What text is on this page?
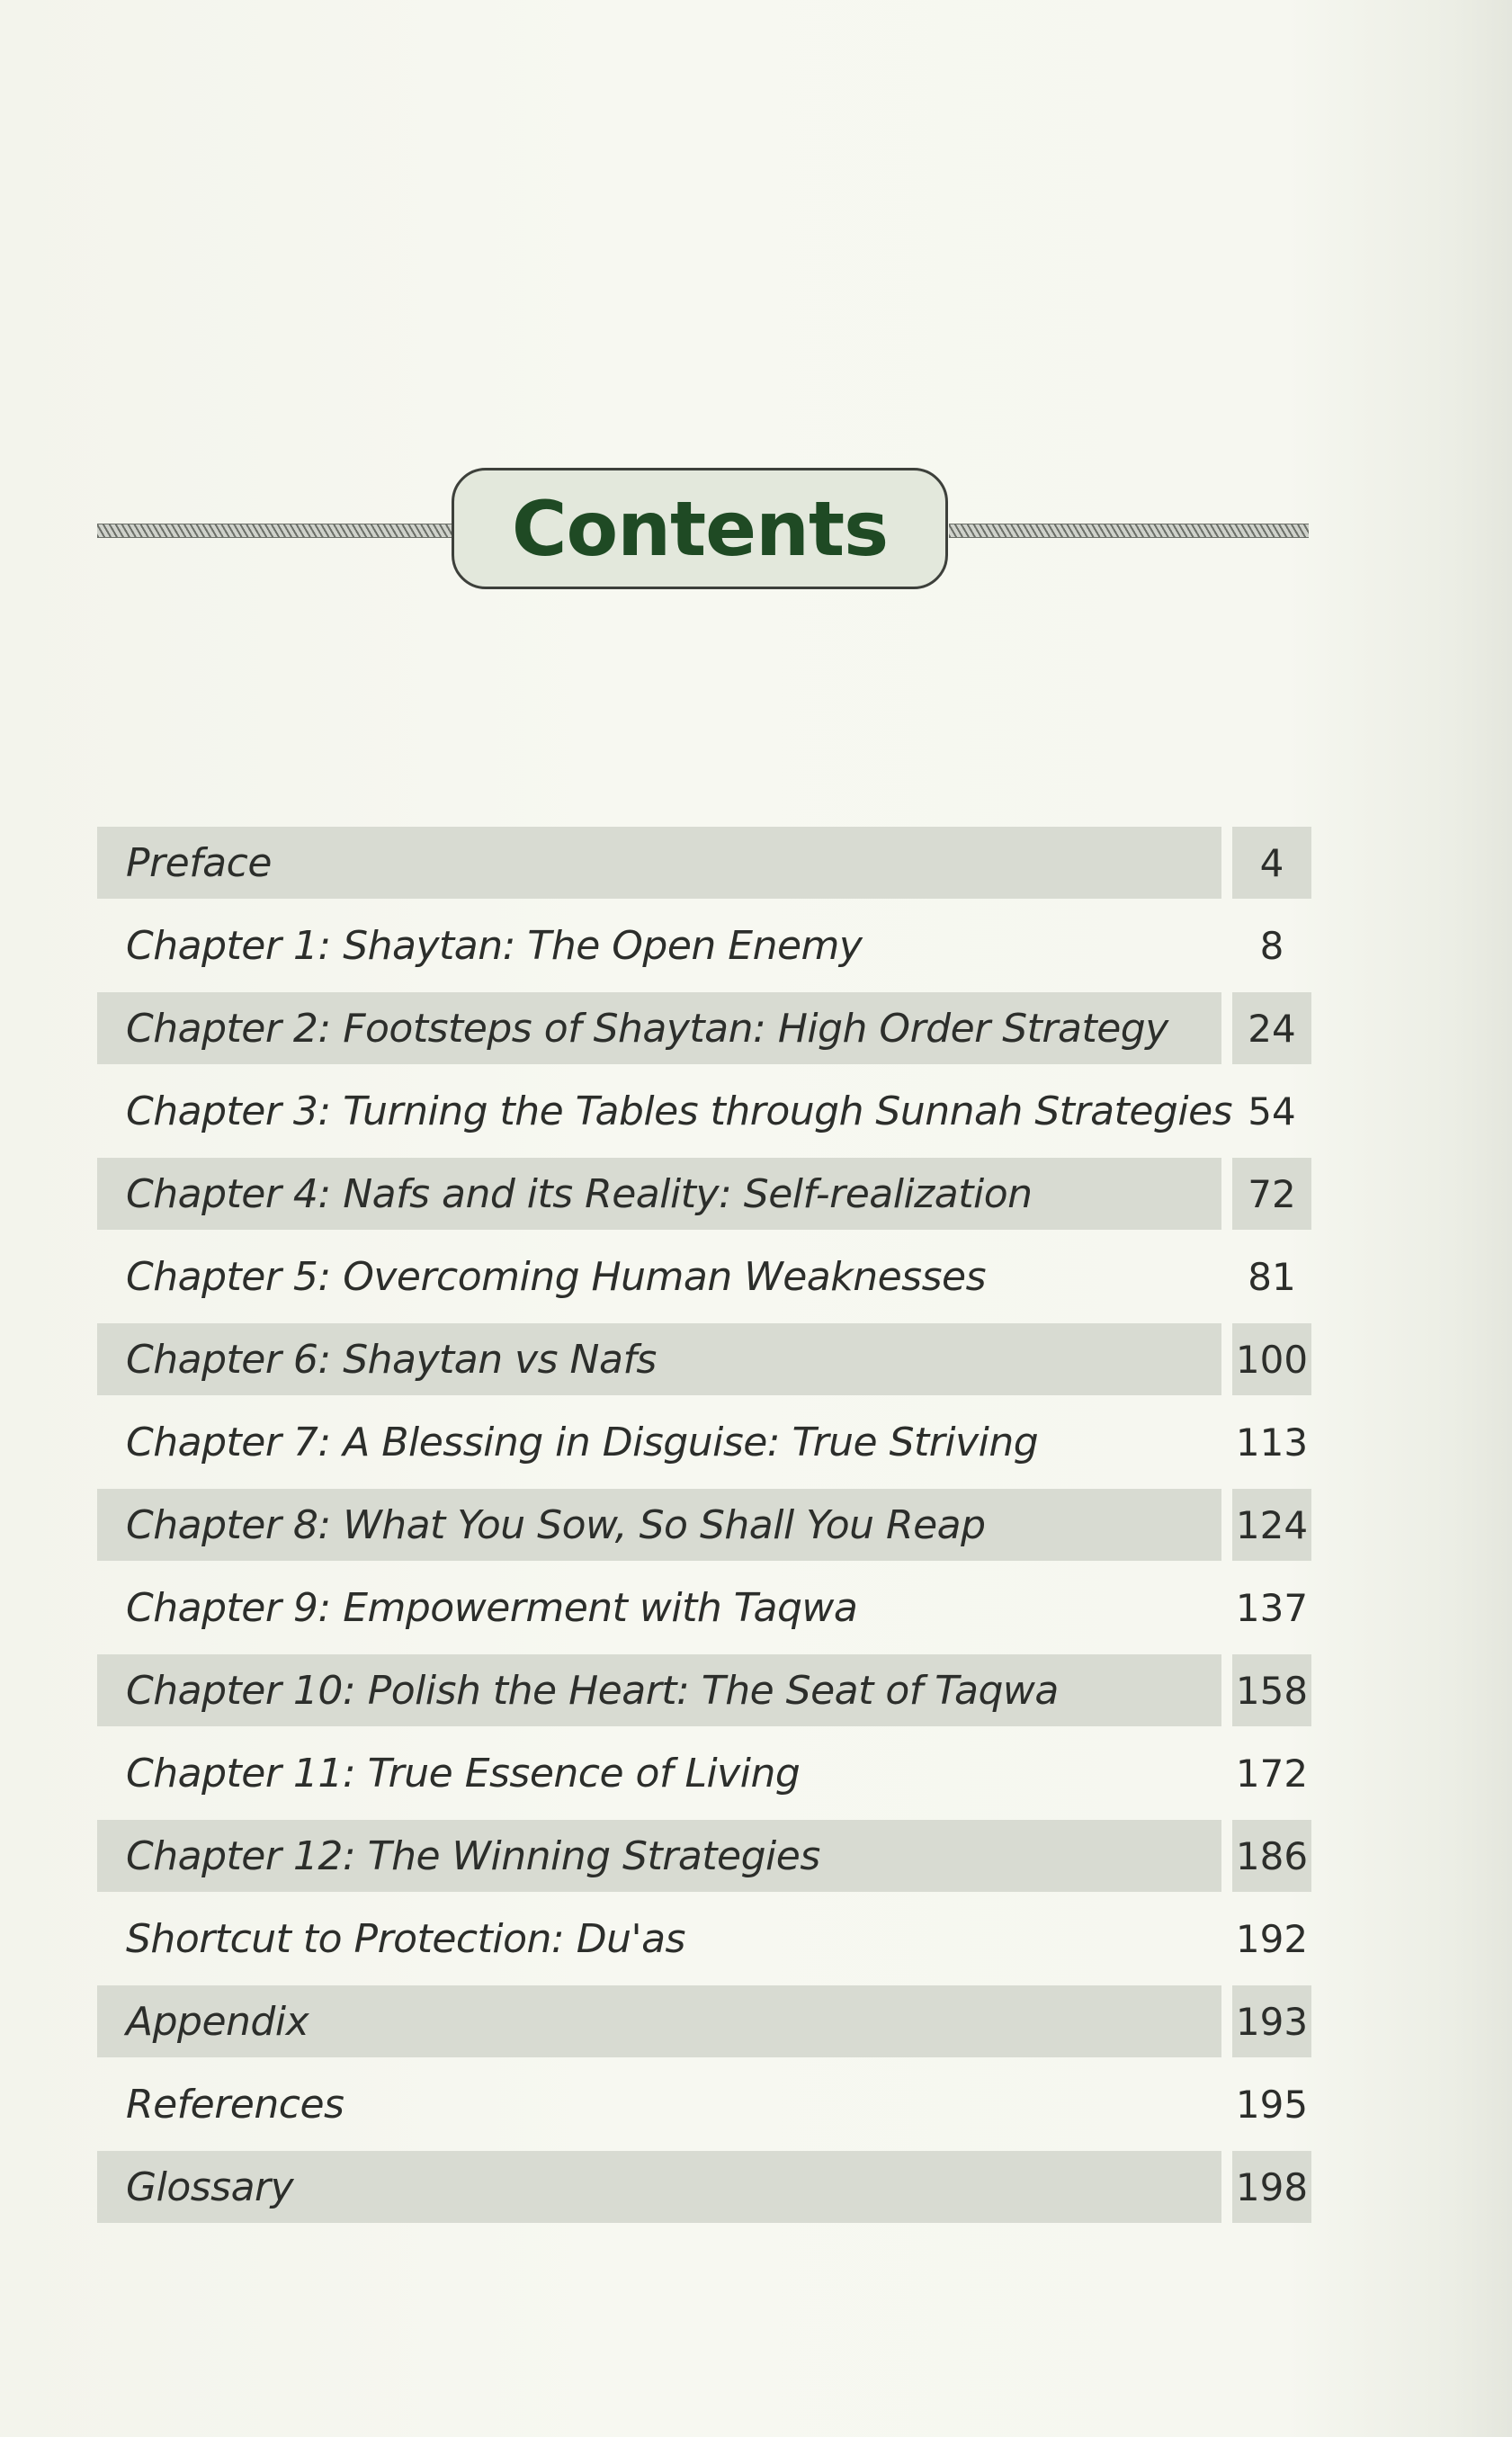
Contents
Preface	4
Chapter 1: Shaytan: The Open Enemy	8
Chapter 2: Footsteps of Shaytan: High Order Strategy 24
Chapter 3: Turning the Tables through Sunnah Strategies 54
Chapter 4: Nafs and its Reality: Self-realization	72
Chapter 5: Overcoming Human Weaknesses	81
Chapter 6: Shaytan vs Nafs	100
Chapter 7: A Blessing in Disguise: True Striving	113
Chapter 8: What You Sow, So Shall You Reap	124
Chapter 9: Empowerment with Taqwa	137
Chapter 10: Polish the Heart: The Seat of Taqwa	158
Chapter 11: True Essence of Living	172
Chapter 12: The Winning Strategies	186
Shortcut to Protection: Du'as	192
Appendix	193
References	195
Glossary	198
